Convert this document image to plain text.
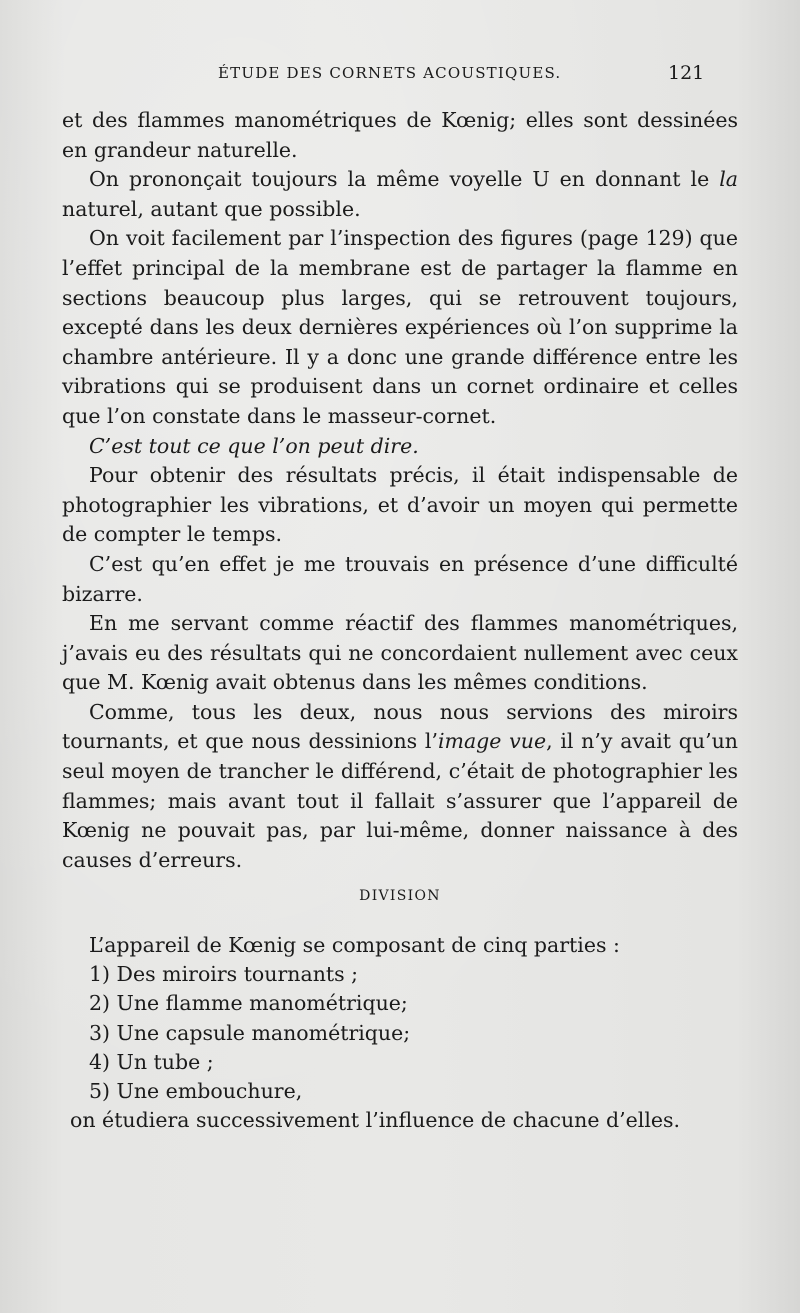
ÉTUDE DES CORNETS ACOUSTIQUES.	121

et des flammes manométriques de Kœnig; elles sont dessinées en grandeur naturelle.

On prononçait toujours la même voyelle U en donnant le la naturel, autant que possible.

On voit facilement par l’inspection des figures (page 129) que l’effet principal de la membrane est de partager la flamme en sections beaucoup plus larges, qui se retrouvent toujours, excepté dans les deux dernières expériences où l’on supprime la chambre antérieure. Il y a donc une grande différence entre les vibrations qui se produisent dans un cornet ordinaire et celles que l’on constate dans le masseur-cornet.

C’est tout ce que l’on peut dire.

Pour obtenir des résultats précis, il était indispensable de photographier les vibrations, et d’avoir un moyen qui permette de compter le temps.

C’est qu’en effet je me trouvais en présence d’une difficulté bizarre.

En me servant comme réactif des flammes manométriques, j’avais eu des résultats qui ne concordaient nullement avec ceux que M. Kœnig avait obtenus dans les mêmes conditions.

Comme, tous les deux, nous nous servions des miroirs tournants, et que nous dessinions l’image vue, il n’y avait qu’un seul moyen de trancher le différend, c’était de photographier les flammes; mais avant tout il fallait s’assurer que l’appareil de Kœnig ne pouvait pas, par lui-même, donner naissance à des causes d’erreurs.

DIVISION

L’appareil de Kœnig se composant de cinq parties :

1) Des miroirs tournants ;

2) Une flamme manométrique;

3) Une capsule manométrique;

4) Un tube ;

5) Une embouchure,

on étudiera successivement l’influence de chacune d’elles.
